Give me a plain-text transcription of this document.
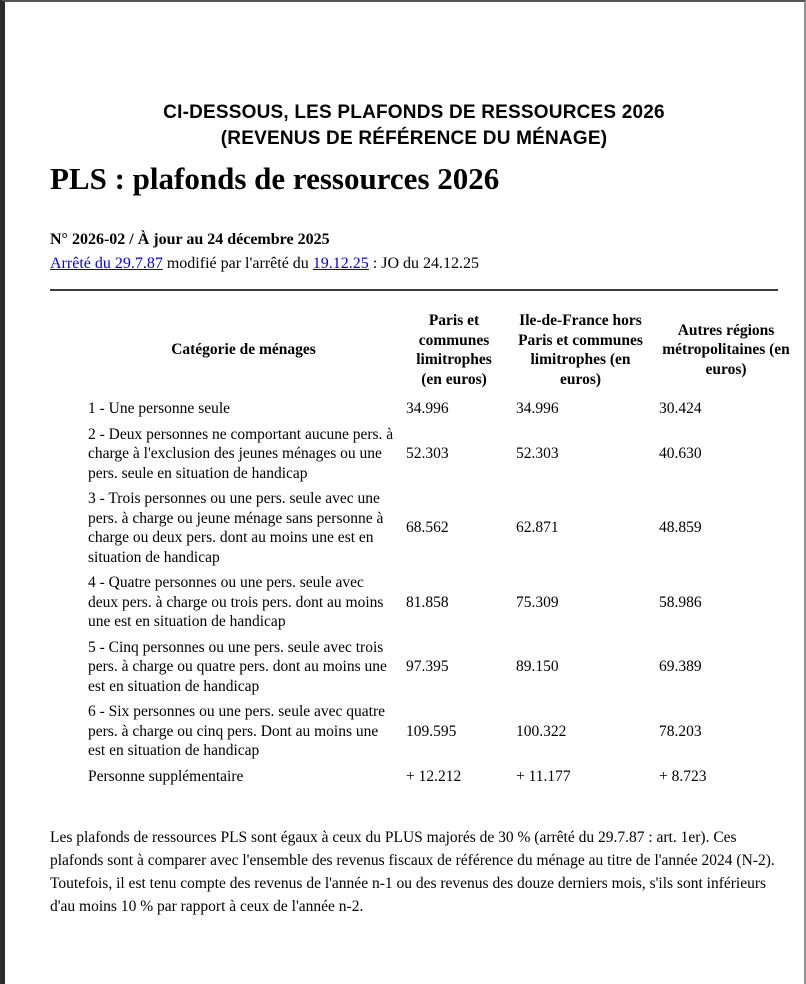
CI-DESSOUS, LES PLAFONDS DE RESSOURCES 2026
(REVENUS DE RÉFÉRENCE DU MÉNAGE)
PLS : plafonds de ressources 2026

N° 2026-02 / À jour au 24 décembre 2025

Arrêté du 29.7.87 modifié par l'arrêté du 19.12.25 : JO du 24.12.25

Catégorie de ménages	Paris et communes limitrophes (en euros)	Ile-de-France hors Paris et communes limitrophes (en euros)	Autres régions métropolitaines (en euros)
1 - Une personne seule	34.996	34.996	30.424
2 - Deux personnes ne comportant aucune pers. à charge à l'exclusion des jeunes ménages ou une pers. seule en situation de handicap	52.303	52.303	40.630
3 - Trois personnes ou une pers. seule avec une pers. à charge ou jeune ménage sans personne à charge ou deux pers. dont au moins une est en situation de handicap	68.562	62.871	48.859
4 - Quatre personnes ou une pers. seule avec deux pers. à charge ou trois pers. dont au moins une est en situation de handicap	81.858	75.309	58.986
5 - Cinq personnes ou une pers. seule avec trois pers. à charge ou quatre pers. dont au moins une est en situation de handicap	97.395	89.150	69.389
6 - Six personnes ou une pers. seule avec quatre pers. à charge ou cinq pers. Dont au moins une est en situation de handicap	109.595	100.322	78.203
Personne supplémentaire	+ 12.212	+ 11.177	+ 8.723

Les plafonds de ressources PLS sont égaux à ceux du PLUS majorés de 30 % (arrêté du 29.7.87 : art. 1er). Ces plafonds sont à comparer avec l'ensemble des revenus fiscaux de référence du ménage au titre de l'année 2024 (N-2). Toutefois, il est tenu compte des revenus de l'année n-1 ou des revenus des douze derniers mois, s'ils sont inférieurs d'au moins 10 % par rapport à ceux de l'année n-2.
